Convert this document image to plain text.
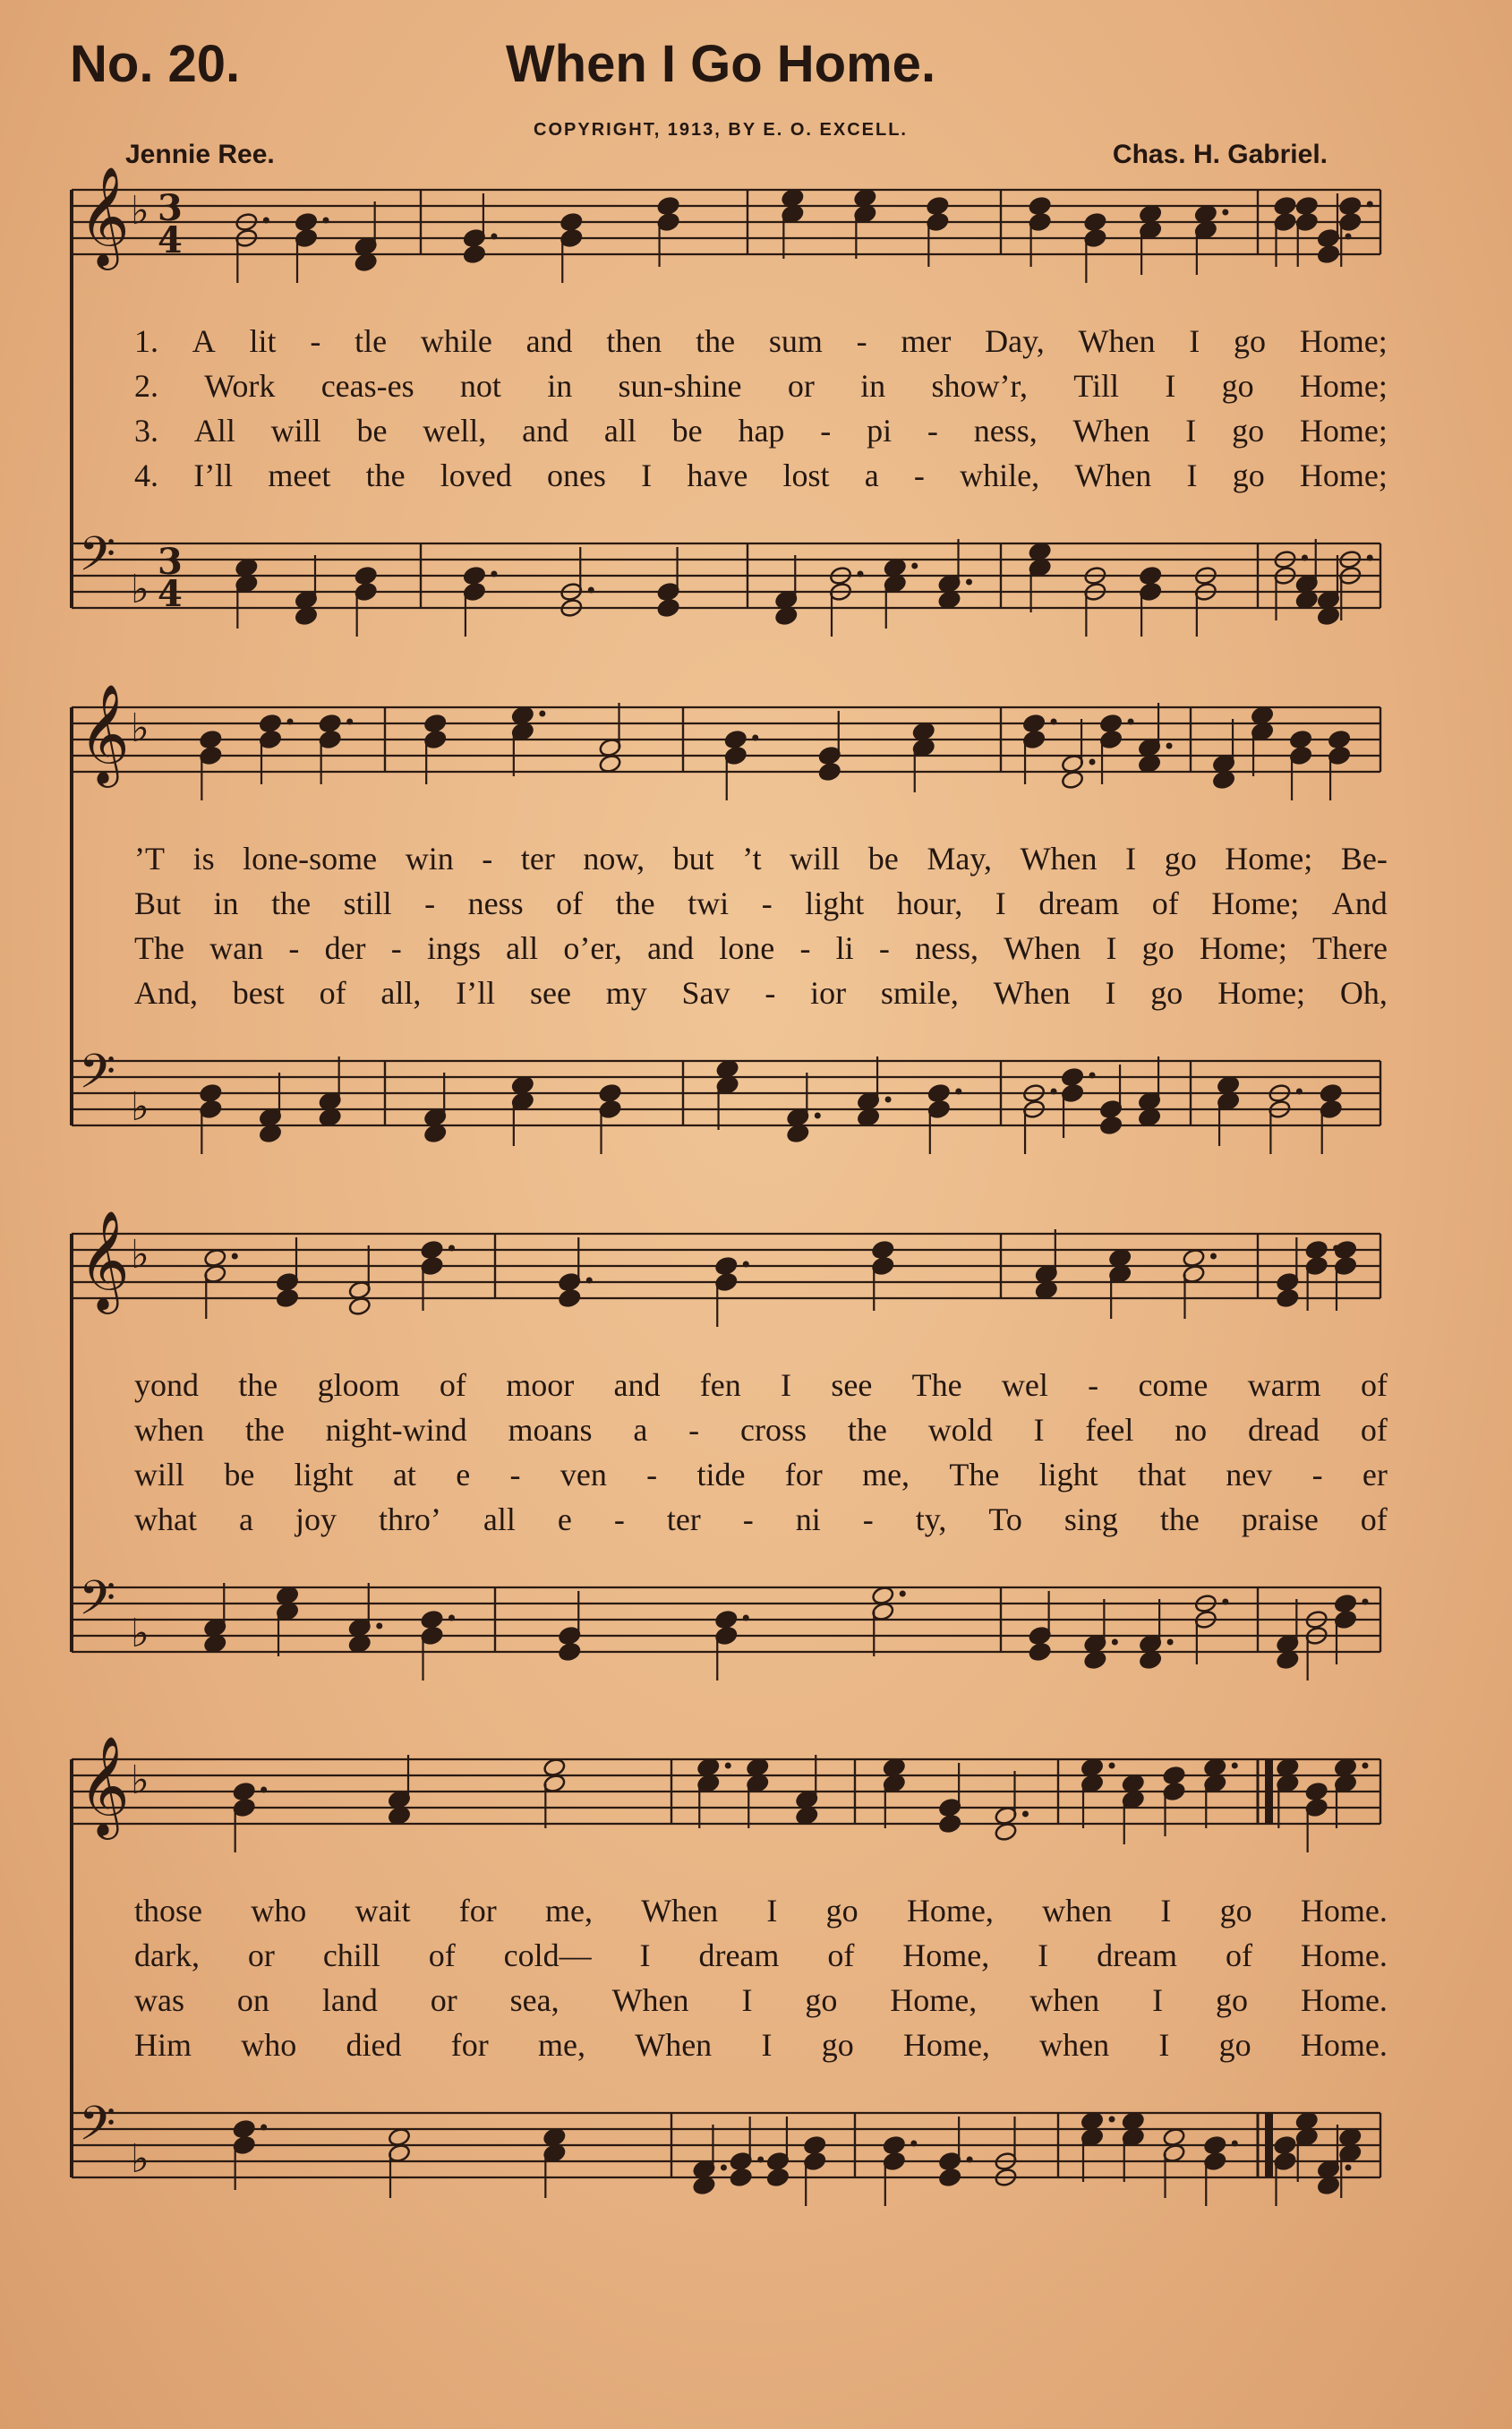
No. 20.	When I Go Home.
COPYRIGHT, 1913, BY E. O. EXCELL.
Jennie Ree.	Chas. H. Gabriel.
𝄞 ♭ 3
4
𝄢 ♭
3
4
1. A lit - tle while and then the sum - mer Day, When I go Home;
2. Work ceas-es not in sun-shine or in show’r, Till I go Home;
3. All will be well, and all be hap - pi - ness, When I go Home;
4. I’ll meet the loved ones I have lost a - while, When I go Home;
𝄞 ♭
𝄢 ♭
’T is lone-some win - ter now, but ’t will be May, When I go Home; Be-
But in the still - ness of the twi - light hour, I dream of Home; And
The wan - der - ings all o’er, and lone - li - ness, When I go Home; There
And, best of all, I’ll see my Sav - ior smile, When I go Home; Oh,
𝄞 ♭
𝄢 ♭
yond the gloom of moor and fen I see The wel - come warm of
when the night-wind moans a - cross the wold I feel no dread of
will be light at e - ven - tide for me, The light that nev - er
what a joy thro’ all e - ter - ni - ty, To sing the praise of
𝄞 ♭
𝄢 ♭
those who wait for me, When I go Home, when I go Home.
dark, or chill of cold— I dream of Home, I dream of Home.
was on land or sea, When I go Home, when I go Home.
Him who died for me, When I go Home, when I go Home.
